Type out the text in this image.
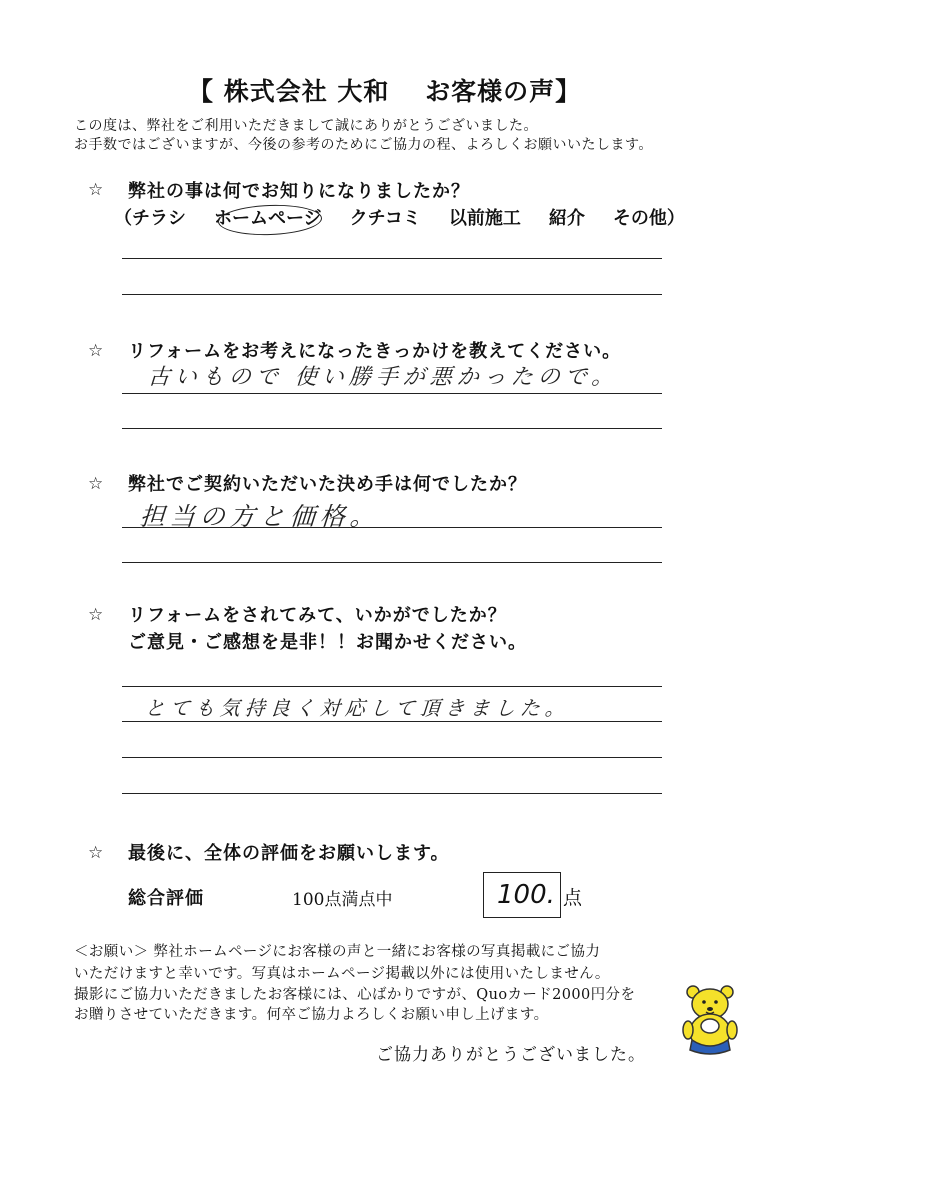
【 株式会社 大和　 お客様の声】
この度は、弊社をご利用いただきまして誠にありがとうございました。
お手数ではございますが、今後の参考のためにご協力の程、よろしくお願いいたします。
☆ 弊社の事は何でお知りになりましたか？
（チラシ ホームページ クチコミ 以前施工 紹介 その他）
☆ リフォームをお考えになったきっかけを教えてください。
古いもので 使い勝手が悪かったので。
☆ 弊社でご契約いただいた決め手は何でしたか？
担当の方と価格。
☆ リフォームをされてみて、いかがでしたか？
ご意見・ご感想を是非！！お聞かせください。
とても気持良く対応して頂きました。
☆ 最後に、全体の評価をお願いします。
総合評価	100点満点中	100. 点
＜お願い＞ 弊社ホームページにお客様の声と一緒にお客様の写真掲載にご協力
いただけますと幸いです。写真はホームページ掲載以外には使用いたしません。
撮影にご協力いただきましたお客様には、心ばかりですが、Quoカード2000円分を
お贈りさせていただきます。何卒ご協力よろしくお願い申し上げます。
ご協力ありがとうございました。
